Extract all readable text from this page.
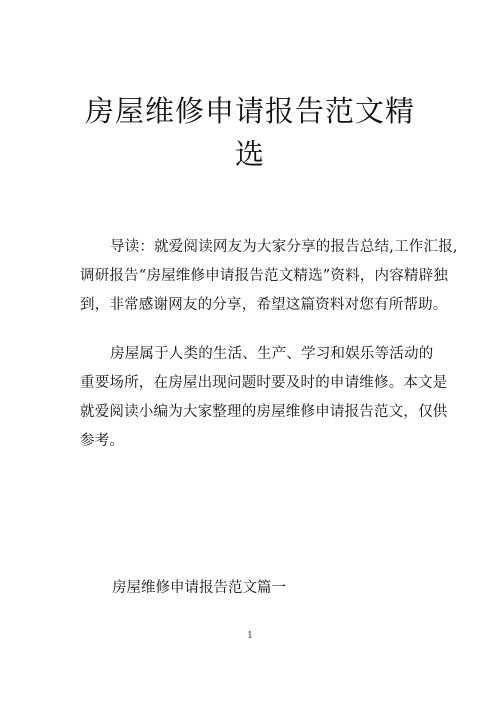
房屋维修申请报告范文精
选
导读：就爱阅读网友为大家分享的报告总结,工作汇报,
调研报告“房屋维修申请报告范文精选”资料，内容精辟独
到，非常感谢网友的分享，希望这篇资料对您有所帮助。
房屋属于人类的生活、生产、学习和娱乐等活动的
重要场所，在房屋出现问题时要及时的申请维修。本文是
就爱阅读小编为大家整理的房屋维修申请报告范文，仅供
参考。
房屋维修申请报告范文篇一
1
